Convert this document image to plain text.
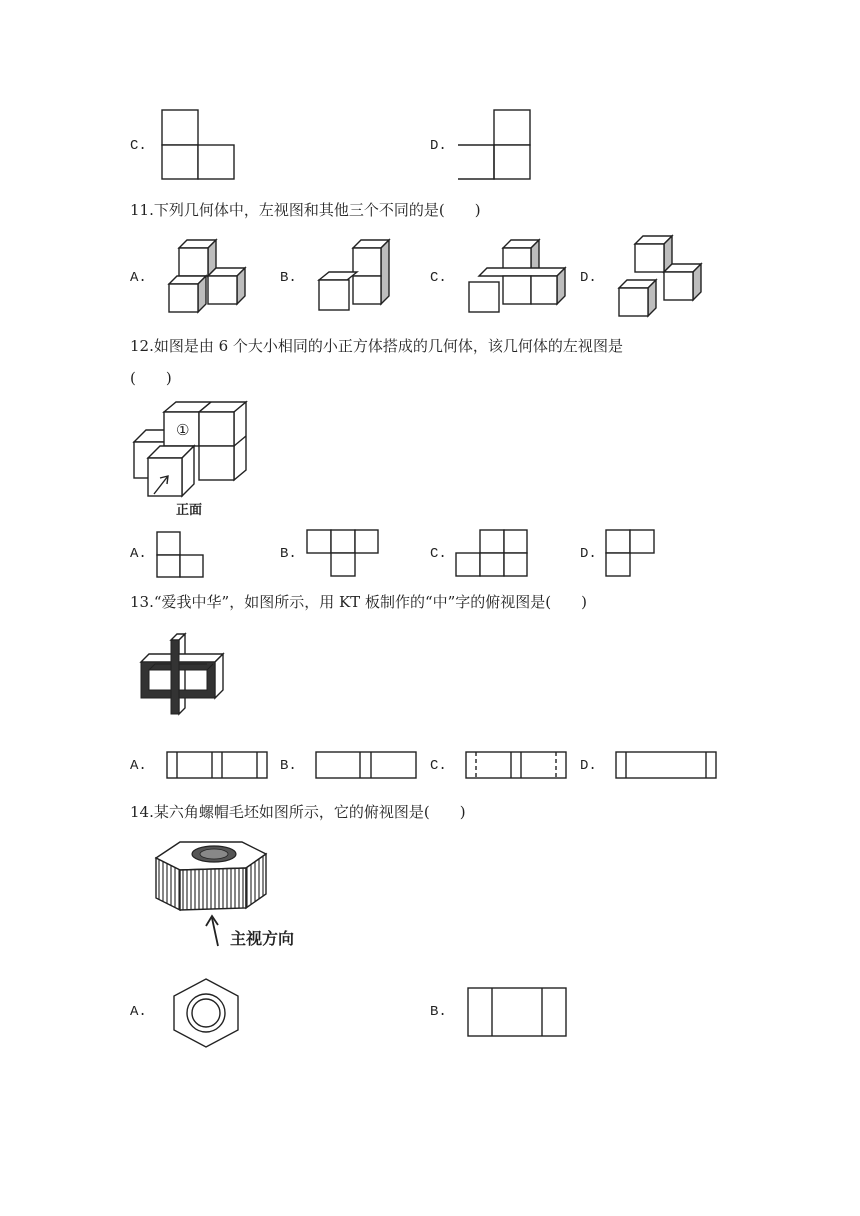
C.	D.
11.下列几何体中，左视图和其他三个不同的是(　　)
A.	B.	C.	D.
12.如图是由 6 个大小相同的小正方体搭成的几何体，该几何体的左视图是
(　　)
①
正面
A.	B.	C.	D.
13.“爱我中华”，如图所示，用 KT 板制作的“中”字的俯视图是(　　)
A.	B.	C.	D.
14.某六角螺帽毛坯如图所示，它的俯视图是(　　)
主视方向
A.	B.
